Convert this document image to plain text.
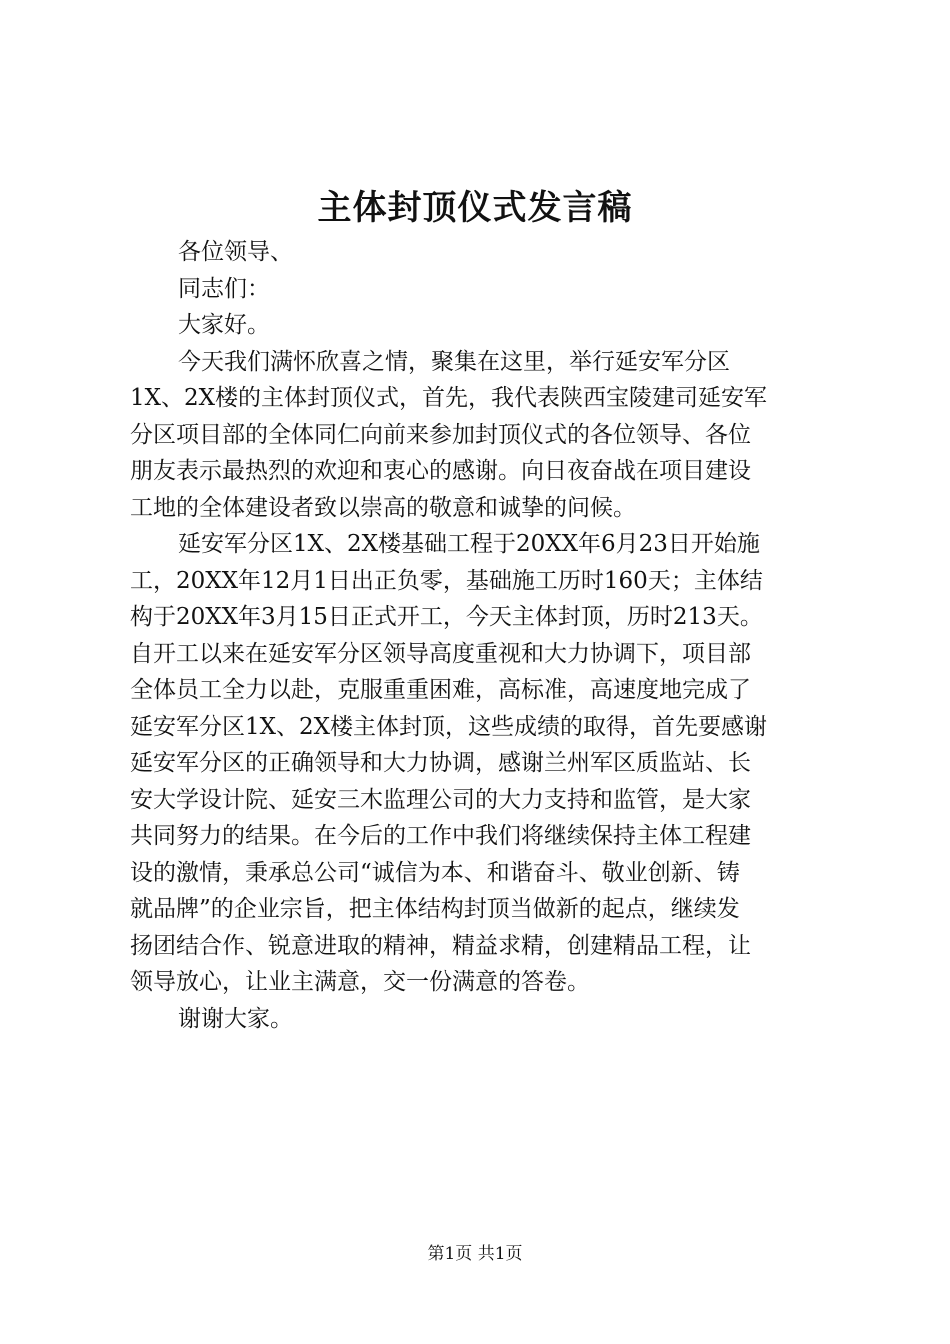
主体封顶仪式发言稿
各位领导、
同志们：
大家好。
今天我们满怀欣喜之情，聚集在这里，举行延安军分区
1X、2X楼的主体封顶仪式，首先，我代表陕西宝陵建司延安军
分区项目部的全体同仁向前来参加封顶仪式的各位领导、各位
朋友表示最热烈的欢迎和衷心的感谢。向日夜奋战在项目建设
工地的全体建设者致以崇高的敬意和诚挚的问候。
延安军分区1X、2X楼基础工程于20XX年6月23日开始施
工，20XX年12月1日出正负零，基础施工历时160天；主体结
构于20XX年3月15日正式开工，今天主体封顶，历时213天。
自开工以来在延安军分区领导高度重视和大力协调下，项目部
全体员工全力以赴，克服重重困难，高标准，高速度地完成了
延安军分区1X、2X楼主体封顶，这些成绩的取得，首先要感谢
延安军分区的正确领导和大力协调，感谢兰州军区质监站、长
安大学设计院、延安三木监理公司的大力支持和监管，是大家
共同努力的结果。在今后的工作中我们将继续保持主体工程建
设的激情，秉承总公司“诚信为本、和谐奋斗、敬业创新、铸
就品牌”的企业宗旨，把主体结构封顶当做新的起点，继续发
扬团结合作、锐意进取的精神，精益求精，创建精品工程，让
领导放心，让业主满意，交一份满意的答卷。
谢谢大家。
第1页 共1页
